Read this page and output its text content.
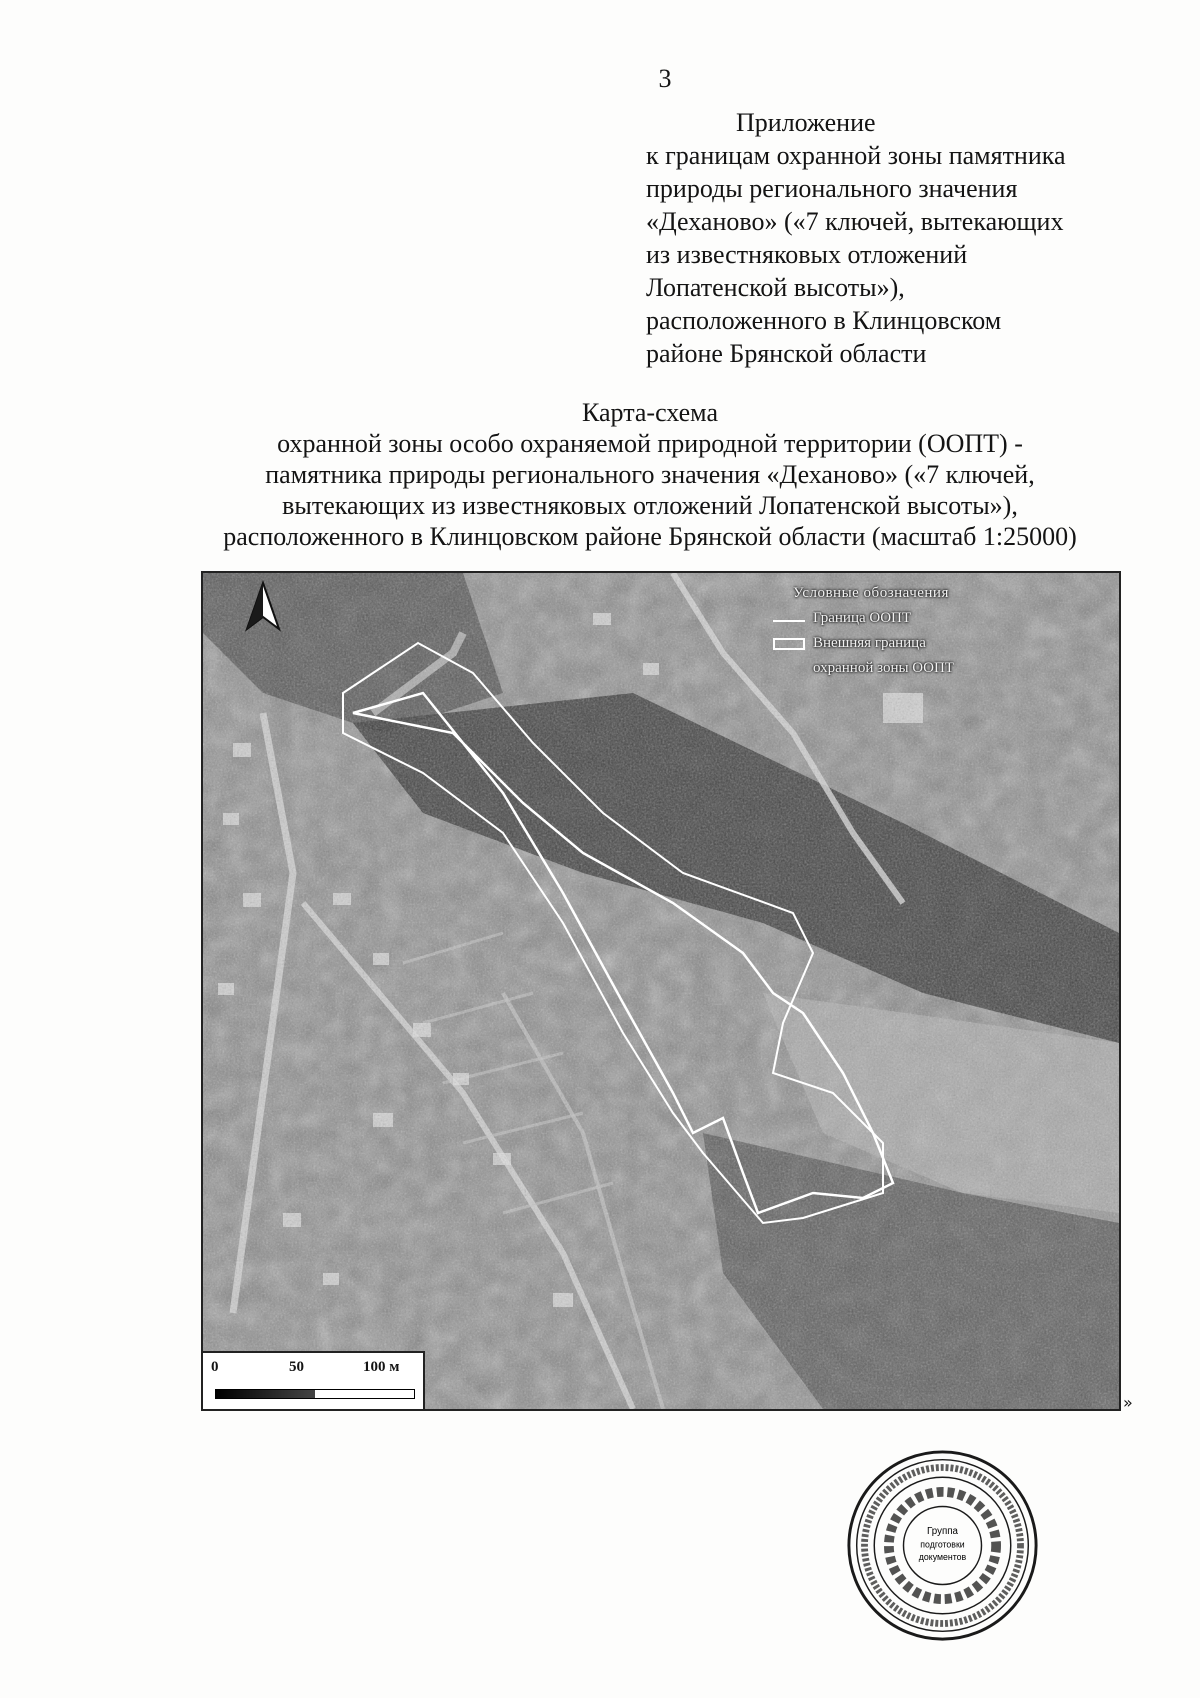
3
Приложение
к границам охранной зоны памятника
природы регионального значения
«Деханово» («7 ключей, вытекающих
из известняковых отложений
Лопатенской высоты»),
расположенного в Клинцовском
районе Брянской области
Карта-схема
охранной зоны особо охраняемой природной территории (ООПТ) -
памятника природы регионального значения «Деханово» («7 ключей,
вытекающих из известняковых отложений Лопатенской высоты»),
расположенного в Клинцовском районе Брянской области (масштаб 1:25000)
Условные обозначения
Граница ООПТ
Внешняя граница
охранной зоны ООПТ
0	50	100 м
»
Группа
подготовки
документов
